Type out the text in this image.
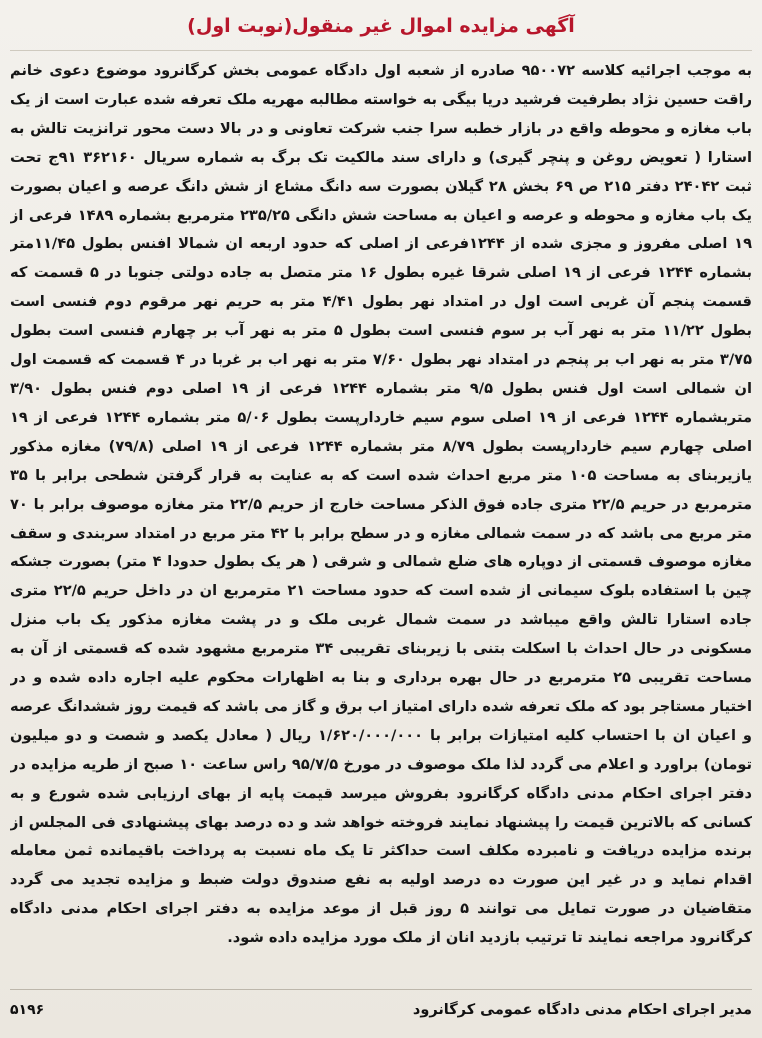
آگهی مزایده اموال غیر منقول(نوبت اول)

به موجب اجرائیه کلاسه ۹۵۰۰۷۲ صادره از شعبه اول دادگاه عمومی بخش کرگانرود موضوع دعوی خانم راقت حسین نژاد بطرفیت فرشید دریا بیگی به خواسته مطالبه مهریه ملک تعرفه شده عبارت است از یک باب مغازه و محوطه واقع در بازار خطبه سرا جنب شرکت تعاونی و در بالا دست محور ترانزیت تالش به استارا ( تعویض روغن و پنچر گیری) و دارای سند مالکیت تک برگ به شماره سریال ۳۶۲۱۶۰ ۹۱ج تحت ثبت ۲۴۰۴۲ دفتر ۲۱۵ ص ۶۹ بخش ۲۸ گیلان بصورت سه دانگ مشاع از شش دانگ عرصه و اعیان بصورت یک باب مغازه و محوطه و عرصه و اعیان به مساحت شش دانگی ۲۳۵/۲۵ مترمربع بشماره ۱۴۸۹ فرعی از ۱۹ اصلی مفروز و مجزی شده از ۱۲۴۴فرعی از اصلی که حدود اربعه ان شمالا افنس بطول ۱۱/۴۵متر بشماره ۱۲۴۴ فرعی از ۱۹ اصلی شرقا غیره بطول ۱۶ متر متصل به جاده دولتی جنوبا در ۵ قسمت که قسمت پنجم آن غربی است اول در امتداد نهر بطول ۴/۴۱ متر به حریم نهر مرقوم دوم فنسی است بطول ۱۱/۲۲ متر به نهر آب بر سوم فنسی است بطول ۵ متر به نهر آب بر چهارم فنسی است بطول ۳/۷۵ متر به نهر اب بر پنجم در امتداد نهر بطول ۷/۶۰ متر به نهر اب بر غربا در ۴ قسمت که قسمت اول ان شمالی است اول فنس بطول ۹/۵ متر بشماره ۱۲۴۴ فرعی از ۱۹ اصلی دوم فنس بطول ۳/۹۰ متربشماره ۱۲۴۴ فرعی از ۱۹ اصلی سوم سیم خاردارپست بطول ۵/۰۶ متر بشماره ۱۲۴۴ فرعی از ۱۹ اصلی چهارم سیم خاردارپست بطول ۸/۷۹ متر بشماره ۱۲۴۴ فرعی از ۱۹ اصلی (۷۹/۸) مغازه مذکور یازیربنای به مساحت ۱۰۵ متر مربع احداث شده است که به عنایت به قرار گرفتن شطحی برابر با ۳۵ مترمربع در حریم ۲۲/۵ متری جاده فوق الذکر مساحت خارج از حریم ۲۲/۵ متر مغازه موصوف برابر با ۷۰ متر مربع می باشد که در سمت شمالی مغازه و در سطح برابر با ۴۲ متر مربع در امتداد سربندی و سقف مغازه موصوف قسمتی از دوپاره های ضلع شمالی و شرقی ( هر یک بطول حدودا ۴ متر) بصورت جشکه چین با استفاده بلوک سیمانی از شده است که حدود مساحت ۲۱ مترمربع ان در داخل حریم ۲۲/۵ متری جاده استارا تالش واقع میباشد در سمت شمال غربی ملک و در پشت مغازه مذکور یک باب منزل مسکونی در حال احداث با اسکلت بتنی با زیربنای تقریبی ۳۴ مترمربع مشهود شده که قسمتی از آن به مساحت تقریبی ۲۵ مترمربع در حال بهره برداری و بنا به اظهارات محکوم علیه اجاره داده شده و در اختیار مستاجر بود که ملک تعرفه شده دارای امتیاز اب برق و گاز می باشد که قیمت روز ششدانگ عرصه و اعیان ان با احتساب کلیه امتیازات برابر با ۱/۶۲۰/۰۰۰/۰۰۰ ریال ( معادل یکصد و شصت و دو میلیون تومان) براورد و اعلام می گردد لذا ملک موصوف در مورخ ۹۵/۷/۵ راس ساعت ۱۰ صبح از طریه مزایده در دفتر اجرای احکام مدنی دادگاه کرگانرود بفروش میرسد قیمت پایه از بهای ارزیابی شده شورع و به کسانی که بالاترین قیمت را پیشنهاد نمایند فروخته خواهد شد و ده درصد بهای پیشنهادی فی المجلس از برنده مزایده دریافت و نامبرده مکلف است حداکثر تا یک ماه نسبت به پرداخت باقیمانده ثمن معامله اقدام نماید و در غیر این صورت ده درصد اولیه به نفع صندوق دولت ضبط و مزایده تجدید می گردد متقاضیان در صورت تمایل می توانند ۵ روز قبل از موعد مزایده به دفتر اجرای احکام مدنی دادگاه کرگانرود مراجعه نمایند تا ترتیب بازدید انان از ملک مورد مزایده داده شود.

مدیر اجرای احکام مدنی دادگاه عمومی کرگانرود
۵۱۹۶
